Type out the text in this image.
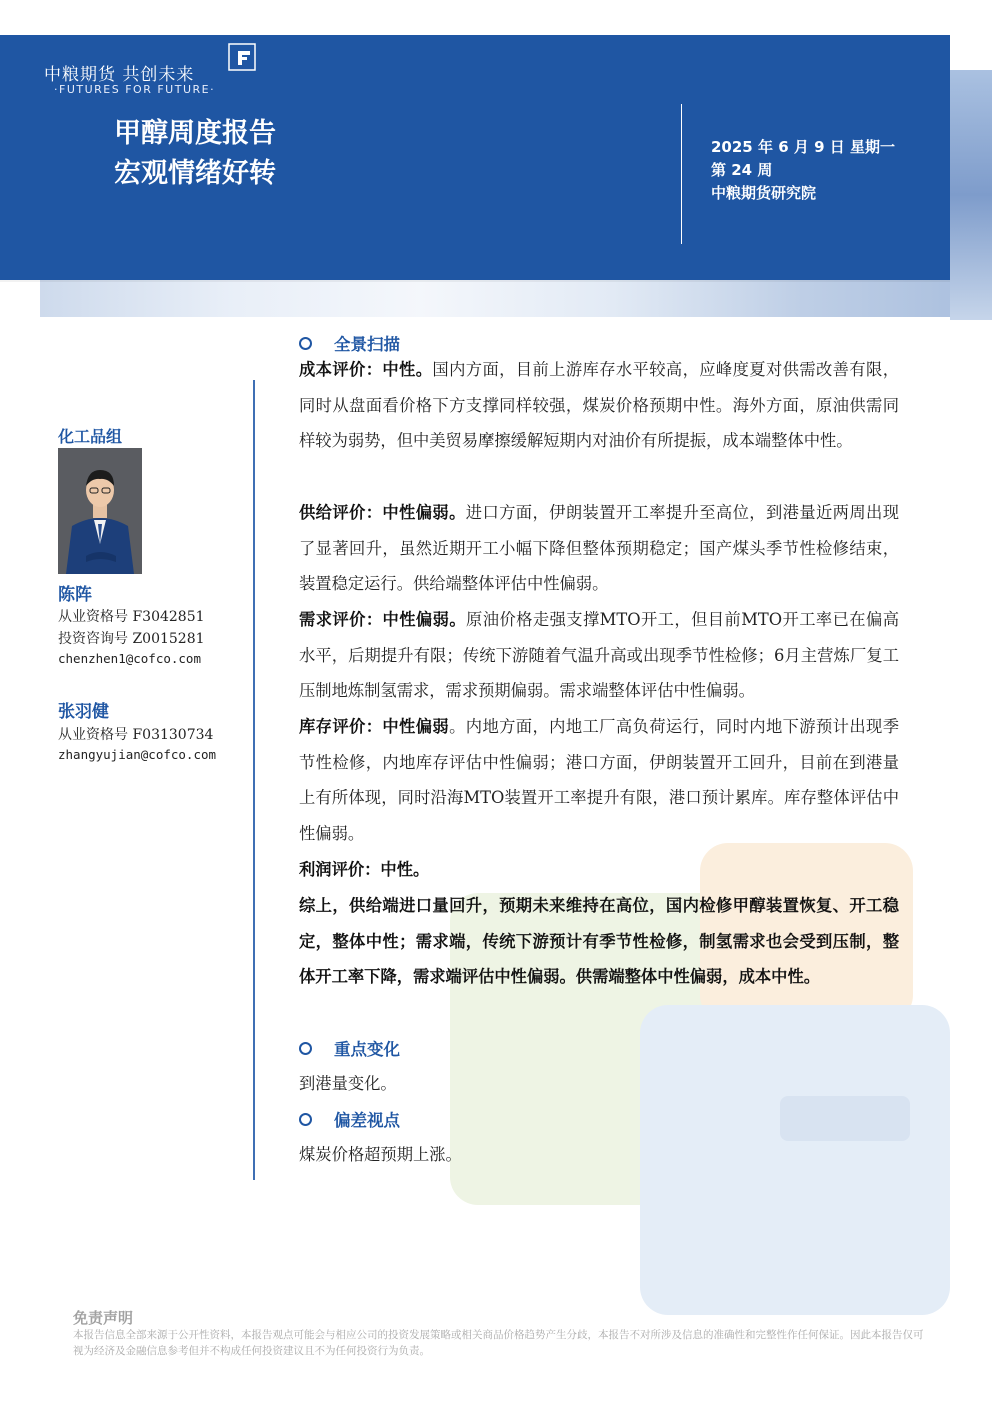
中粮期货 共创未来
·FUTURES FOR FUTURE·
甲醇周度报告
宏观情绪好转
2025 年 6 月 9 日 星期一
第 24 周
中粮期货研究院
化工品组
陈阵
从业资格号 F3042851
投资咨询号 Z0015281
chenzhen1@cofco.com
张羽健
从业资格号 F03130734
zhangyujian@cofco.com
全景扫描
成本评价：中性。国内方面，目前上游库存水平较高，应峰度夏对供需改善有限，同时从盘面看价格下方支撑同样较强，煤炭价格预期中性。海外方面，原油供需同样较为弱势，但中美贸易摩擦缓解短期内对油价有所提振，成本端整体中性。
供给评价：中性偏弱。进口方面，伊朗装置开工率提升至高位，到港量近两周出现了显著回升，虽然近期开工小幅下降但整体预期稳定；国产煤头季节性检修结束，装置稳定运行。供给端整体评估中性偏弱。
需求评价：中性偏弱。原油价格走强支撑MTO开工，但目前MTO开工率已在偏高水平，后期提升有限；传统下游随着气温升高或出现季节性检修；6月主营炼厂复工压制地炼制氢需求，需求预期偏弱。需求端整体评估中性偏弱。
库存评价：中性偏弱。内地方面，内地工厂高负荷运行，同时内地下游预计出现季节性检修，内地库存评估中性偏弱；港口方面，伊朗装置开工回升，目前在到港量上有所体现，同时沿海MTO装置开工率提升有限，港口预计累库。库存整体评估中性偏弱。
利润评价：中性。
综上，供给端进口量回升，预期未来维持在高位，国内检修甲醇装置恢复、开工稳定，整体中性；需求端，传统下游预计有季节性检修，制氢需求也会受到压制，整体开工率下降，需求端评估中性偏弱。供需端整体中性偏弱，成本中性。
重点变化
到港量变化。
偏差视点
煤炭价格超预期上涨。
免责声明
本报告信息全部来源于公开性资料，本报告观点可能会与相应公司的投资发展策略或相关商品价格趋势产生分歧，本报告不对所涉及信息的准确性和完整性作任何保证。因此本报告仅可视为经济及金融信息参考但并不构成任何投资建议且不为任何投资行为负责。
